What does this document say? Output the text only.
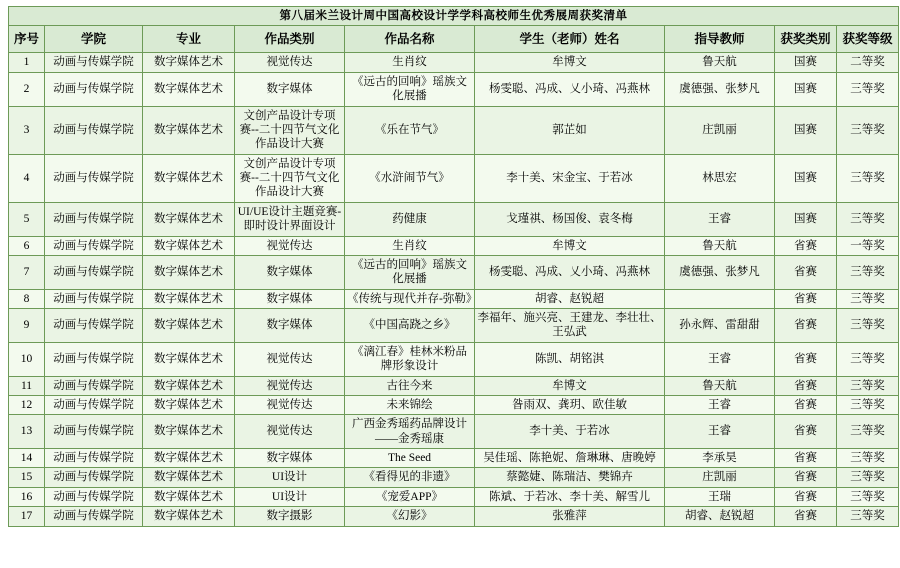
第八届米兰设计周中国高校设计学学科高校师生优秀展周获奖清单								
序号	学院	专业	作品类别	作品名称	学生（老师）姓名	指导教师	获奖类别	获奖等级
1	动画与传媒学院	数字媒体艺术	视觉传达	生肖纹	牟博文	鲁天航	国赛	二等奖
2	动画与传媒学院	数字媒体艺术	数字媒体	《远古的回响》瑶族文化展播	杨雯聪、冯成、乂小琦、冯燕林	虞德强、张梦凡	国赛	三等奖
3	动画与传媒学院	数字媒体艺术	文创产品设计专项赛--二十四节气文化作品设计大赛	《乐在节气》	郭芷如	庄凯丽	国赛	三等奖
4	动画与传媒学院	数字媒体艺术	文创产品设计专项赛--二十四节气文化作品设计大赛	《水浒闹节气》	李十美、宋金宝、于若冰	林思宏	国赛	三等奖
5	动画与传媒学院	数字媒体艺术	UI/UE设计主题竞赛-即时设计界面设计	药健康	戈瑾祺、杨国俊、袁冬梅	王睿	国赛	三等奖
6	动画与传媒学院	数字媒体艺术	视觉传达	生肖纹	牟博文	鲁天航	省赛	一等奖
7	动画与传媒学院	数字媒体艺术	数字媒体	《远古的回响》瑶族文化展播	杨雯聪、冯成、乂小琦、冯燕林	虞德强、张梦凡	省赛	三等奖
8	动画与传媒学院	数字媒体艺术	数字媒体	《传统与现代并存-弥勒》	胡睿、赵锐超		省赛	三等奖
9	动画与传媒学院	数字媒体艺术	数字媒体	《中国高跷之乡》	李福年、施兴亮、王建龙、李壮壮、王弘武	孙永辉、雷甜甜	省赛	三等奖
10	动画与传媒学院	数字媒体艺术	视觉传达	《漓江春》桂林米粉品牌形象设计	陈凯、胡铭淇	王睿	省赛	三等奖
11	动画与传媒学院	数字媒体艺术	视觉传达	古往今来	牟博文	鲁天航	省赛	三等奖
12	动画与传媒学院	数字媒体艺术	视觉传达	未来锦绘	昝雨双、龚玥、欧佳敏	王睿	省赛	三等奖
13	动画与传媒学院	数字媒体艺术	视觉传达	广西金秀瑶药品牌设计——金秀瑶康	李十美、于若冰	王睿	省赛	三等奖
14	动画与传媒学院	数字媒体艺术	数字媒体	The Seed	吴佳瑶、陈艳妮、詹琳琳、唐晚婷	李承昊	省赛	三等奖
15	动画与传媒学院	数字媒体艺术	UI设计	《看得见的非遗》	蔡懿婕、陈瑞洁、樊锦卉	庄凯丽	省赛	三等奖
16	动画与传媒学院	数字媒体艺术	UI设计	《宠爱APP》	陈斌、于若冰、李十美、解雪儿	王瑞	省赛	三等奖
17	动画与传媒学院	数字媒体艺术	数字摄影	《幻影》	张雅萍	胡睿、赵锐超	省赛	三等奖
